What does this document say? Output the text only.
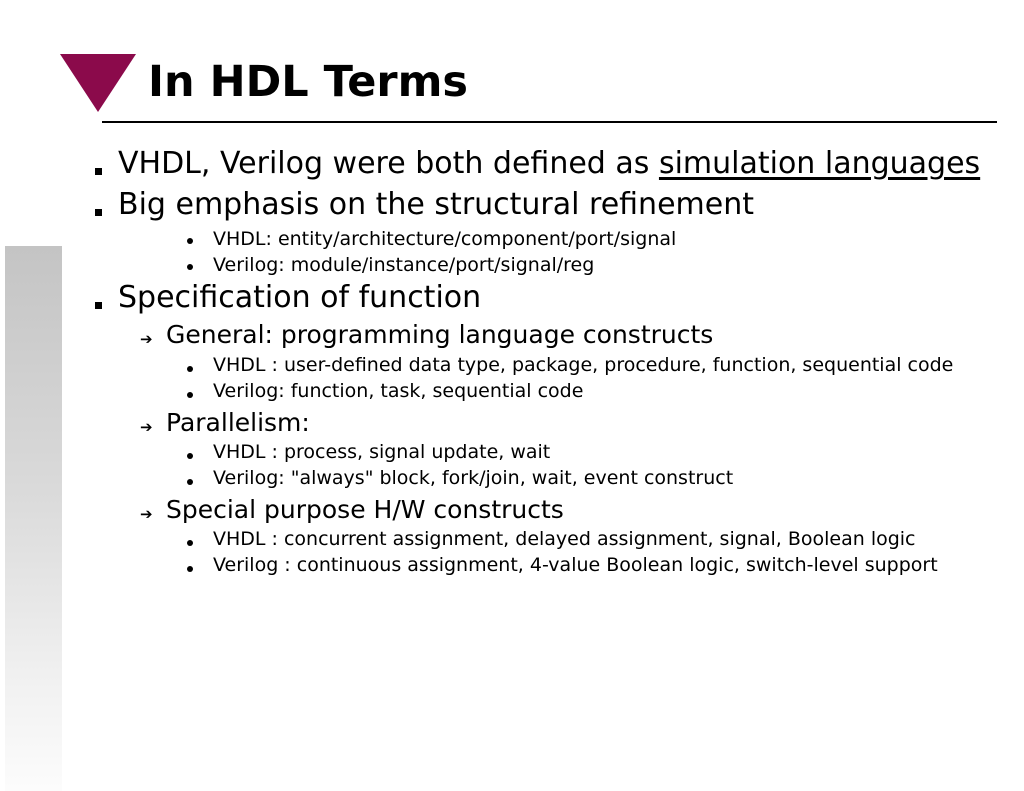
In HDL Terms
VHDL, Verilog were both defined as simulation languages
Big emphasis on the structural refinement
VHDL: entity/architecture/component/port/signal
Verilog: module/instance/port/signal/reg
Specification of function
➔ General: programming language constructs
VHDL : user-defined data type, package, procedure, function, sequential code
Verilog: function, task, sequential code
➔ Parallelism:
VHDL : process, signal update, wait
Verilog: "always" block, fork/join, wait, event construct
➔ Special purpose H/W constructs
VHDL : concurrent assignment, delayed assignment, signal, Boolean logic
Verilog : continuous assignment, 4-value Boolean logic, switch-level support
